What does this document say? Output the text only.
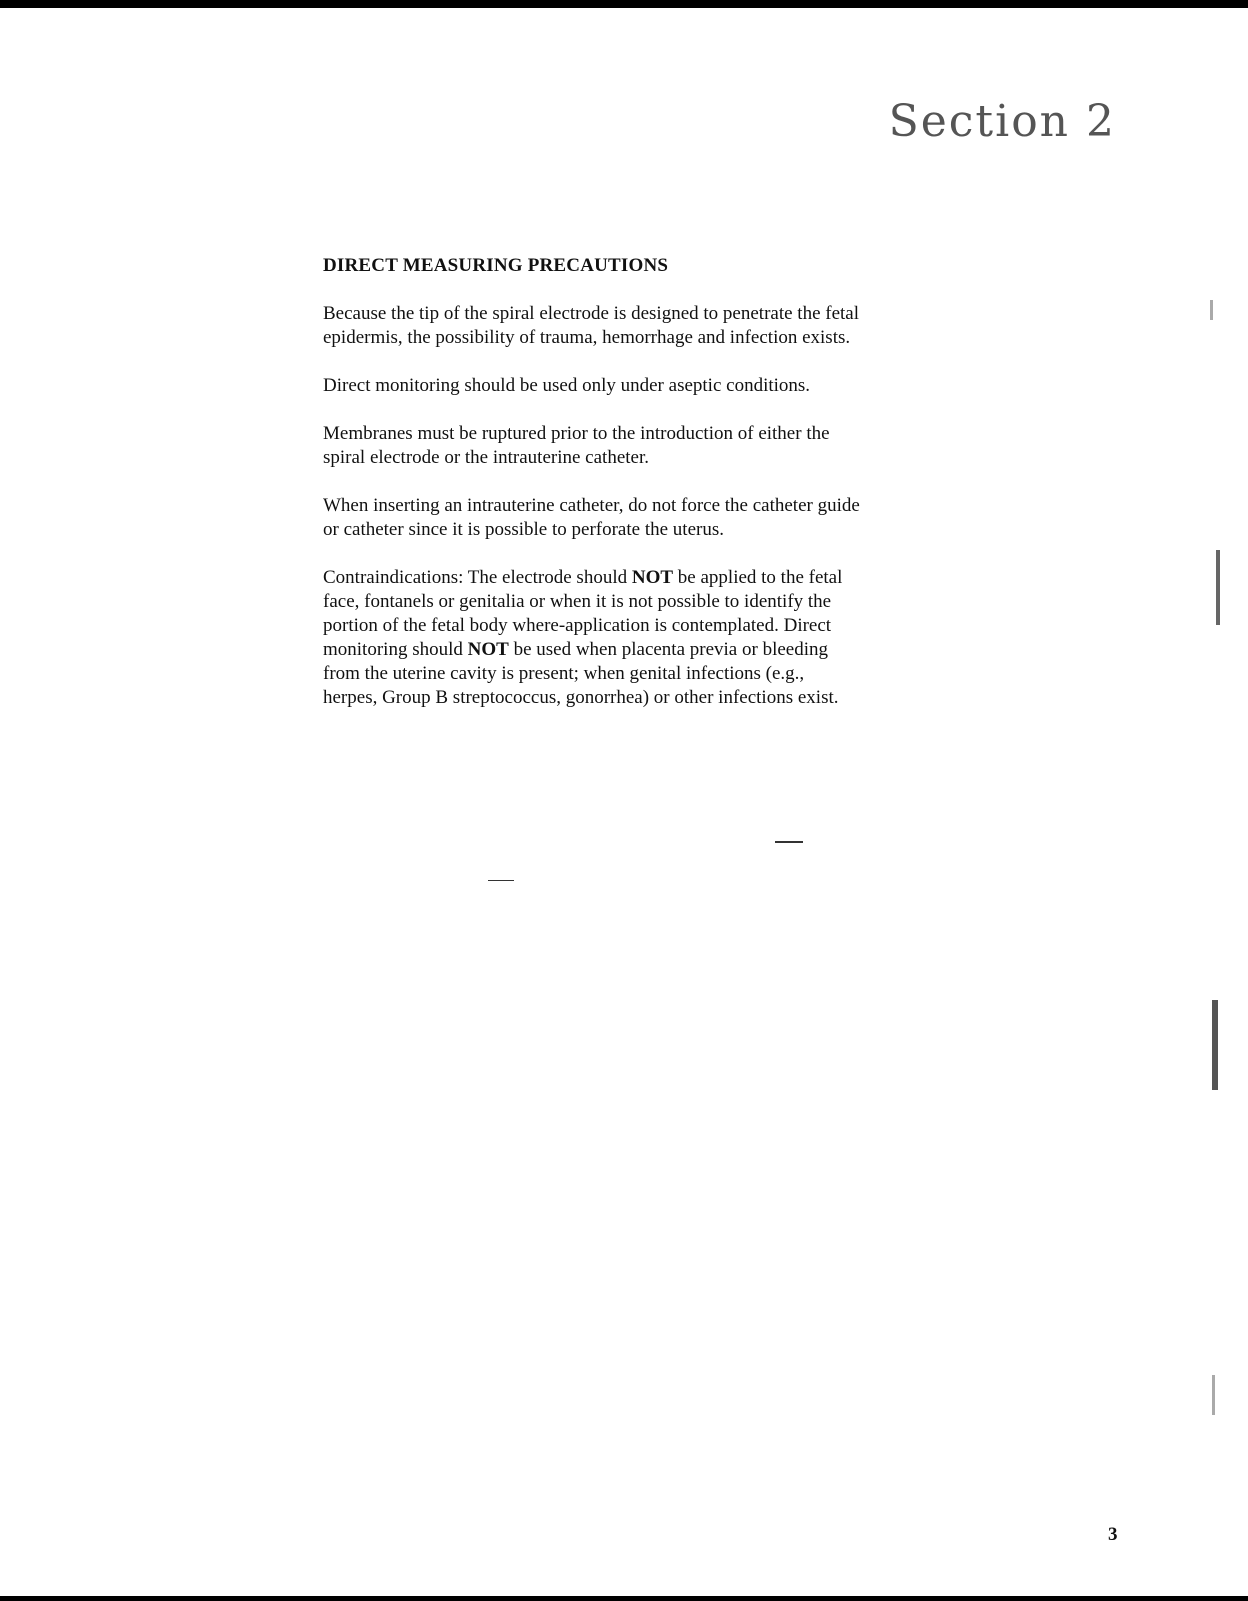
Section 2
DIRECT MEASURING PRECAUTIONS

Because the tip of the spiral electrode is designed to penetrate the fetal epidermis, the possibility of trauma, hemorrhage and infection exists.

Direct monitoring should be used only under aseptic conditions.

Membranes must be ruptured prior to the introduction of either the spiral electrode or the intrauterine catheter.

When inserting an intrauterine catheter, do not force the catheter guide or catheter since it is possible to perforate the uterus.

Contraindications: The electrode should NOT be applied to the fetal face, fontanels or genitalia or when it is not possible to identify the portion of the fetal body where-application is contemplated. Direct monitoring should NOT be used when placenta previa or bleeding from the uterine cavity is present; when genital infections (e.g., herpes, Group B streptococcus, gonorrhea) or other infections exist.

3
